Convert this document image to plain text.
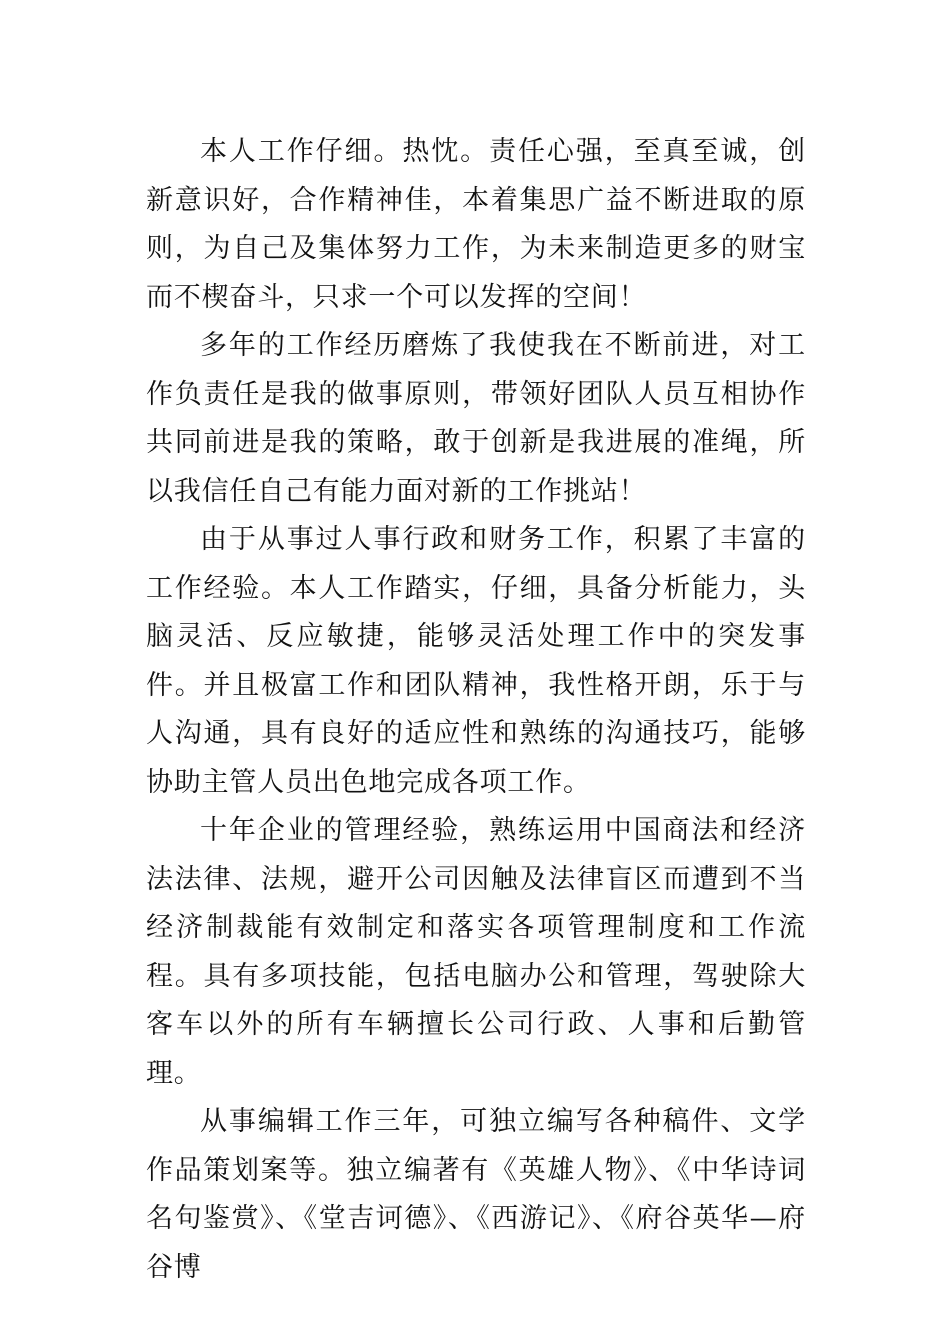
本人工作仔细。热忱。责任心强，至真至诚，创新意识好，合作精神佳，本着集思广益不断进取的原则，为自己及集体努力工作，为未来制造更多的财宝而不楔奋斗，只求一个可以发挥的空间！

多年的工作经历磨炼了我使我在不断前进，对工作负责任是我的做事原则，带领好团队人员互相协作共同前进是我的策略，敢于创新是我进展的准绳，所以我信任自己有能力面对新的工作挑站！

由于从事过人事行政和财务工作，积累了丰富的工作经验。本人工作踏实，仔细，具备分析能力，头脑灵活、反应敏捷，能够灵活处理工作中的突发事件。并且极富工作和团队精神，我性格开朗，乐于与人沟通，具有良好的适应性和熟练的沟通技巧，能够协助主管人员出色地完成各项工作。

十年企业的管理经验，熟练运用中国商法和经济法法律、法规，避开公司因触及法律盲区而遭到不当经济制裁能有效制定和落实各项管理制度和工作流程。具有多项技能，包括电脑办公和管理，驾驶除大客车以外的所有车辆擅长公司行政、人事和后勤管理。

从事编辑工作三年，可独立编写各种稿件、文学作品策划案等。独立编著有《英雄人物》、《中华诗词名句鉴赏》、《堂吉诃德》、《西游记》、《府谷英华—府谷博
